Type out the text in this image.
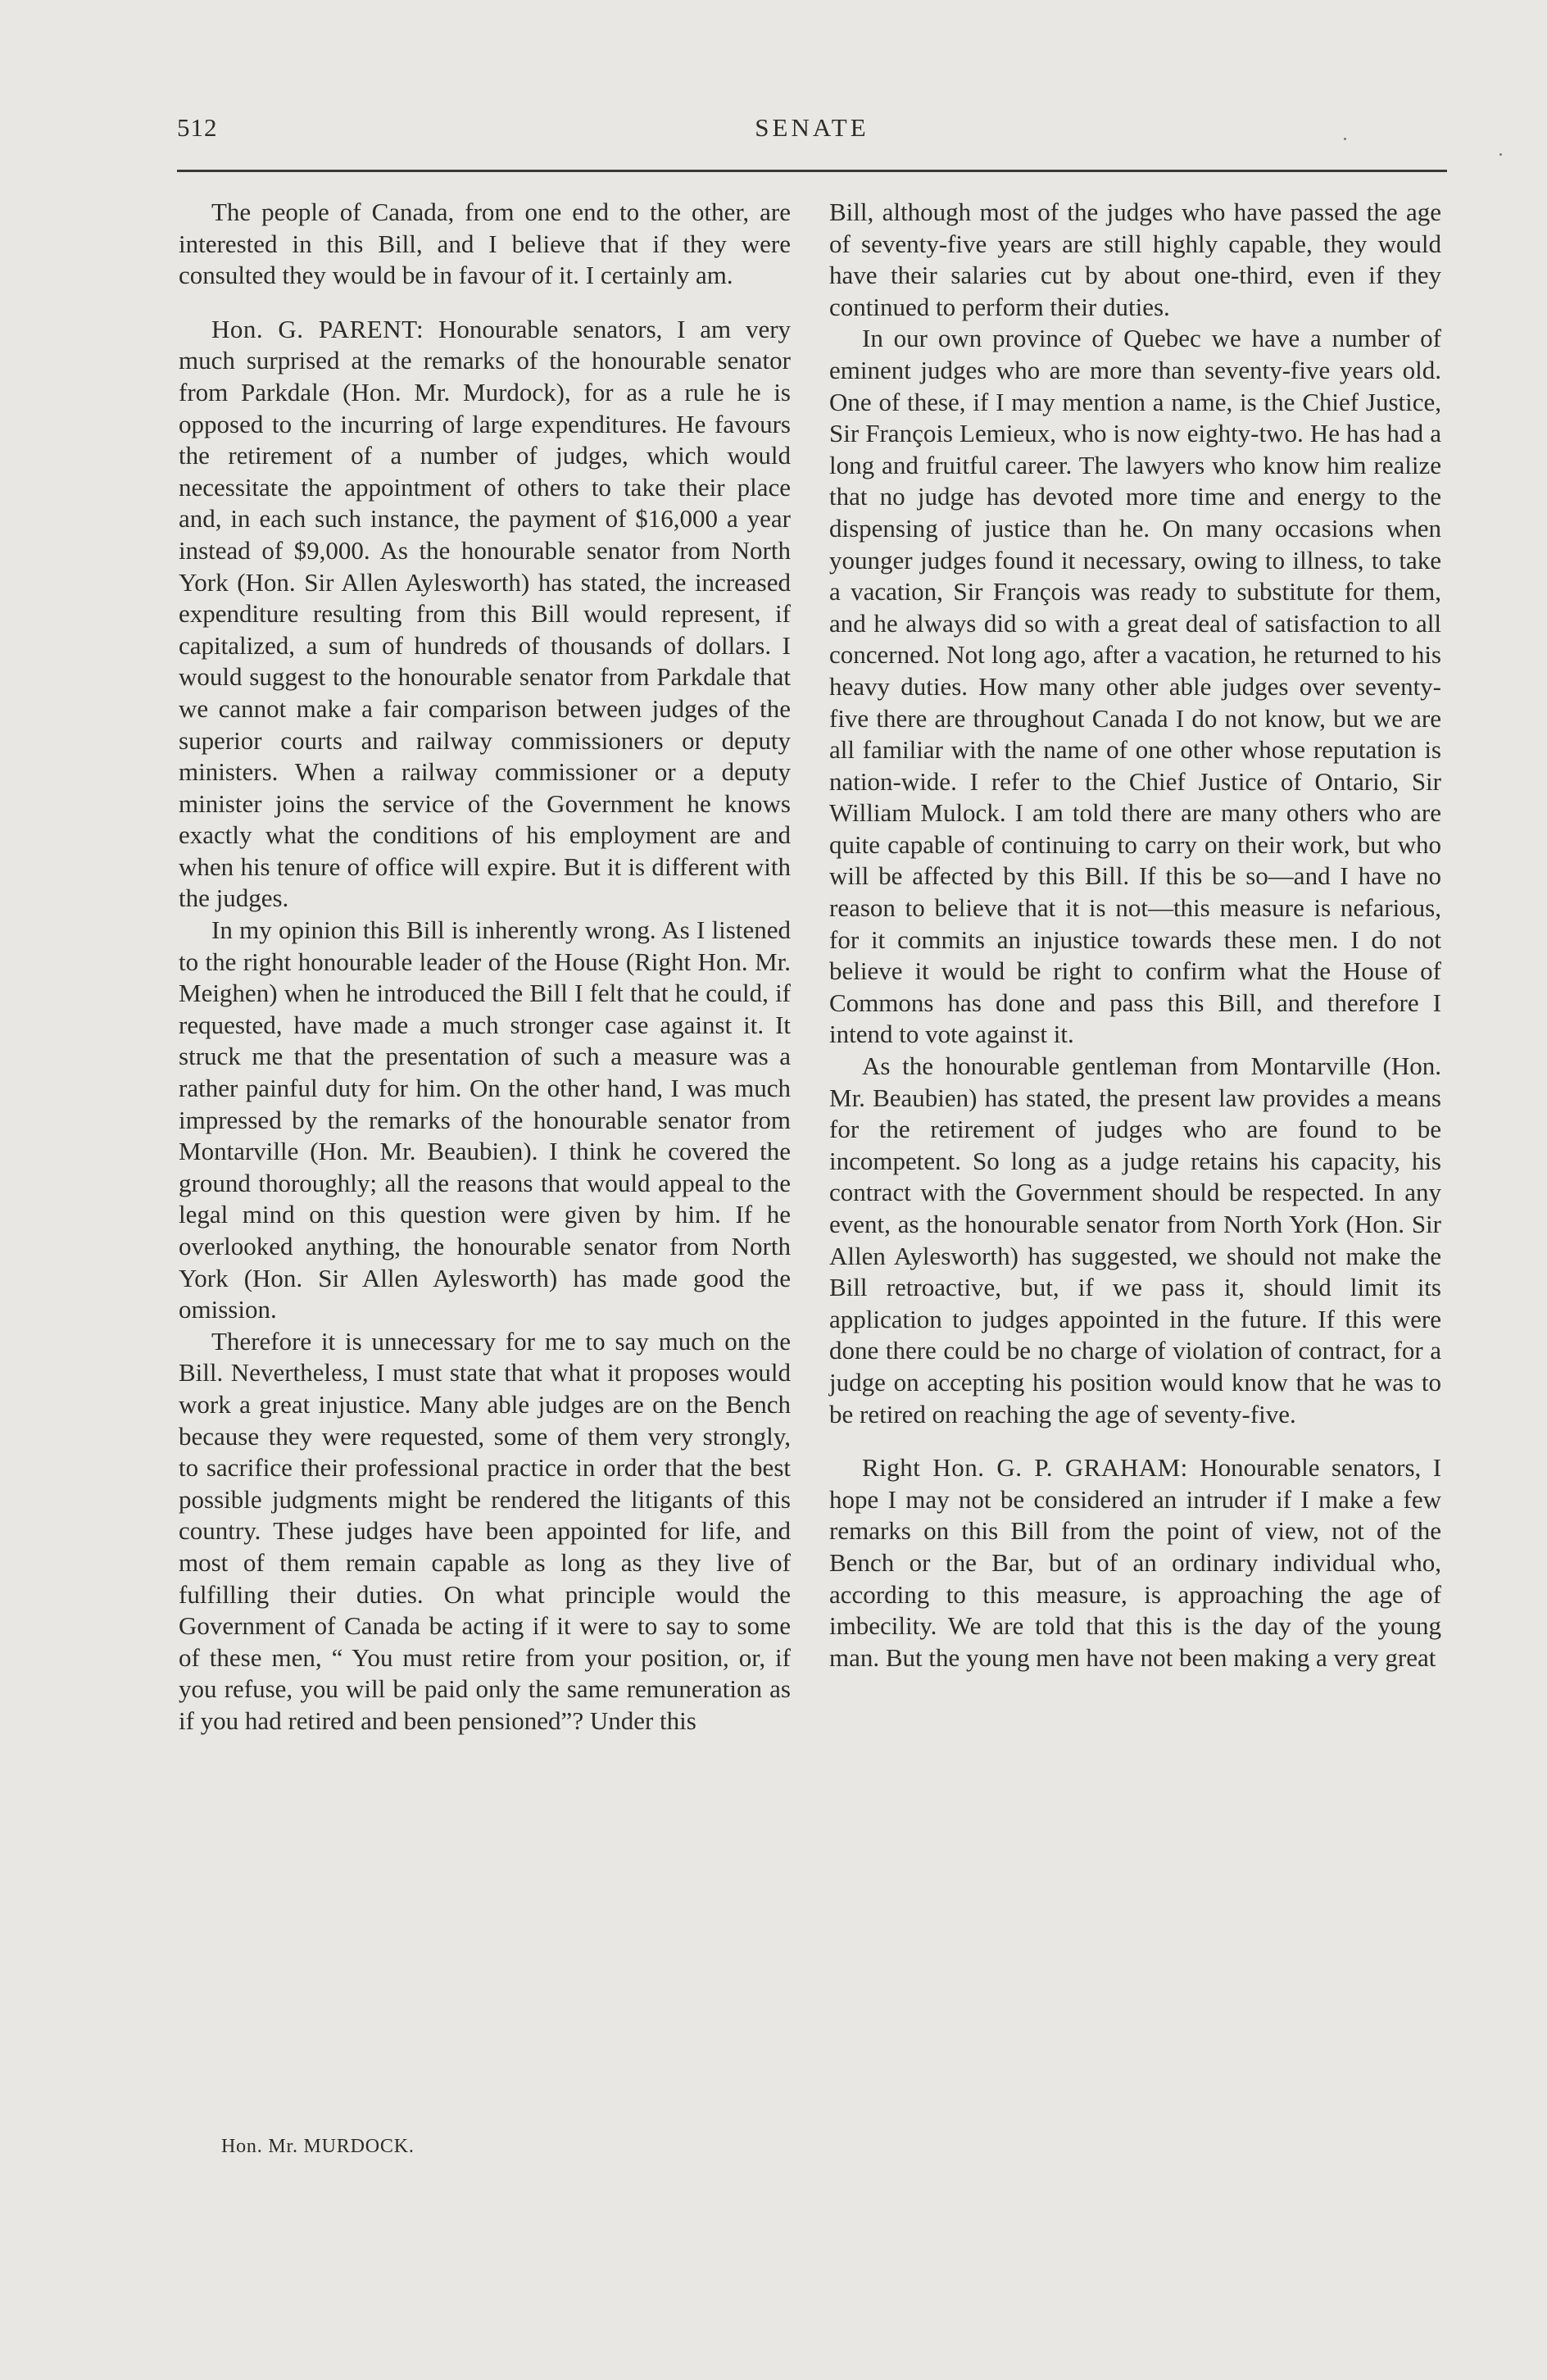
512	SENATE

The people of Canada, from one end to the other, are interested in this Bill, and I believe that if they were consulted they would be in favour of it. I certainly am.

Hon. G. PARENT: Honourable senators, I am very much surprised at the remarks of the honourable senator from Parkdale (Hon. Mr. Murdock), for as a rule he is opposed to the incurring of large expenditures. He favours the retirement of a number of judges, which would necessitate the appointment of others to take their place and, in each such instance, the payment of $16,000 a year instead of $9,000. As the honourable senator from North York (Hon. Sir Allen Aylesworth) has stated, the increased expenditure resulting from this Bill would represent, if capitalized, a sum of hundreds of thousands of dollars. I would suggest to the honourable senator from Parkdale that we cannot make a fair comparison between judges of the superior courts and railway commissioners or deputy ministers. When a railway commissioner or a deputy minister joins the service of the Government he knows exactly what the conditions of his employment are and when his tenure of office will expire. But it is different with the judges.

In my opinion this Bill is inherently wrong. As I listened to the right honourable leader of the House (Right Hon. Mr. Meighen) when he introduced the Bill I felt that he could, if requested, have made a much stronger case against it. It struck me that the presentation of such a measure was a rather painful duty for him. On the other hand, I was much impressed by the remarks of the honourable senator from Montarville (Hon. Mr. Beaubien). I think he covered the ground thoroughly; all the reasons that would appeal to the legal mind on this question were given by him. If he overlooked anything, the honourable senator from North York (Hon. Sir Allen Aylesworth) has made good the omission.

Therefore it is unnecessary for me to say much on the Bill. Nevertheless, I must state that what it proposes would work a great injustice. Many able judges are on the Bench because they were requested, some of them very strongly, to sacrifice their professional practice in order that the best possible judgments might be rendered the litigants of this country. These judges have been appointed for life, and most of them remain capable as long as they live of fulfilling their duties. On what principle would the Government of Canada be acting if it were to say to some of these men, “ You must retire from your position, or, if you refuse, you will be paid only the same remuneration as if you had retired and been pensioned”? Under this

Bill, although most of the judges who have passed the age of seventy-five years are still highly capable, they would have their salaries cut by about one-third, even if they continued to perform their duties.

In our own province of Quebec we have a number of eminent judges who are more than seventy-five years old. One of these, if I may mention a name, is the Chief Justice, Sir François Lemieux, who is now eighty-two. He has had a long and fruitful career. The lawyers who know him realize that no judge has devoted more time and energy to the dispensing of justice than he. On many occasions when younger judges found it necessary, owing to illness, to take a vacation, Sir François was ready to substitute for them, and he always did so with a great deal of satisfaction to all concerned. Not long ago, after a vacation, he returned to his heavy duties. How many other able judges over seventy-five there are throughout Canada I do not know, but we are all familiar with the name of one other whose reputation is nation-wide. I refer to the Chief Justice of Ontario, Sir William Mulock. I am told there are many others who are quite capable of continuing to carry on their work, but who will be affected by this Bill. If this be so—and I have no reason to believe that it is not—this measure is nefarious, for it commits an injustice towards these men. I do not believe it would be right to confirm what the House of Commons has done and pass this Bill, and therefore I intend to vote against it.

As the honourable gentleman from Montarville (Hon. Mr. Beaubien) has stated, the present law provides a means for the retirement of judges who are found to be incompetent. So long as a judge retains his capacity, his contract with the Government should be respected. In any event, as the honourable senator from North York (Hon. Sir Allen Aylesworth) has suggested, we should not make the Bill retroactive, but, if we pass it, should limit its application to judges appointed in the future. If this were done there could be no charge of violation of contract, for a judge on accepting his position would know that he was to be retired on reaching the age of seventy-five.

Right Hon. G. P. GRAHAM: Honourable senators, I hope I may not be considered an intruder if I make a few remarks on this Bill from the point of view, not of the Bench or the Bar, but of an ordinary individual who, according to this measure, is approaching the age of imbecility. We are told that this is the day of the young man. But the young men have not been making a very great

Hon. Mr. MURDOCK.
